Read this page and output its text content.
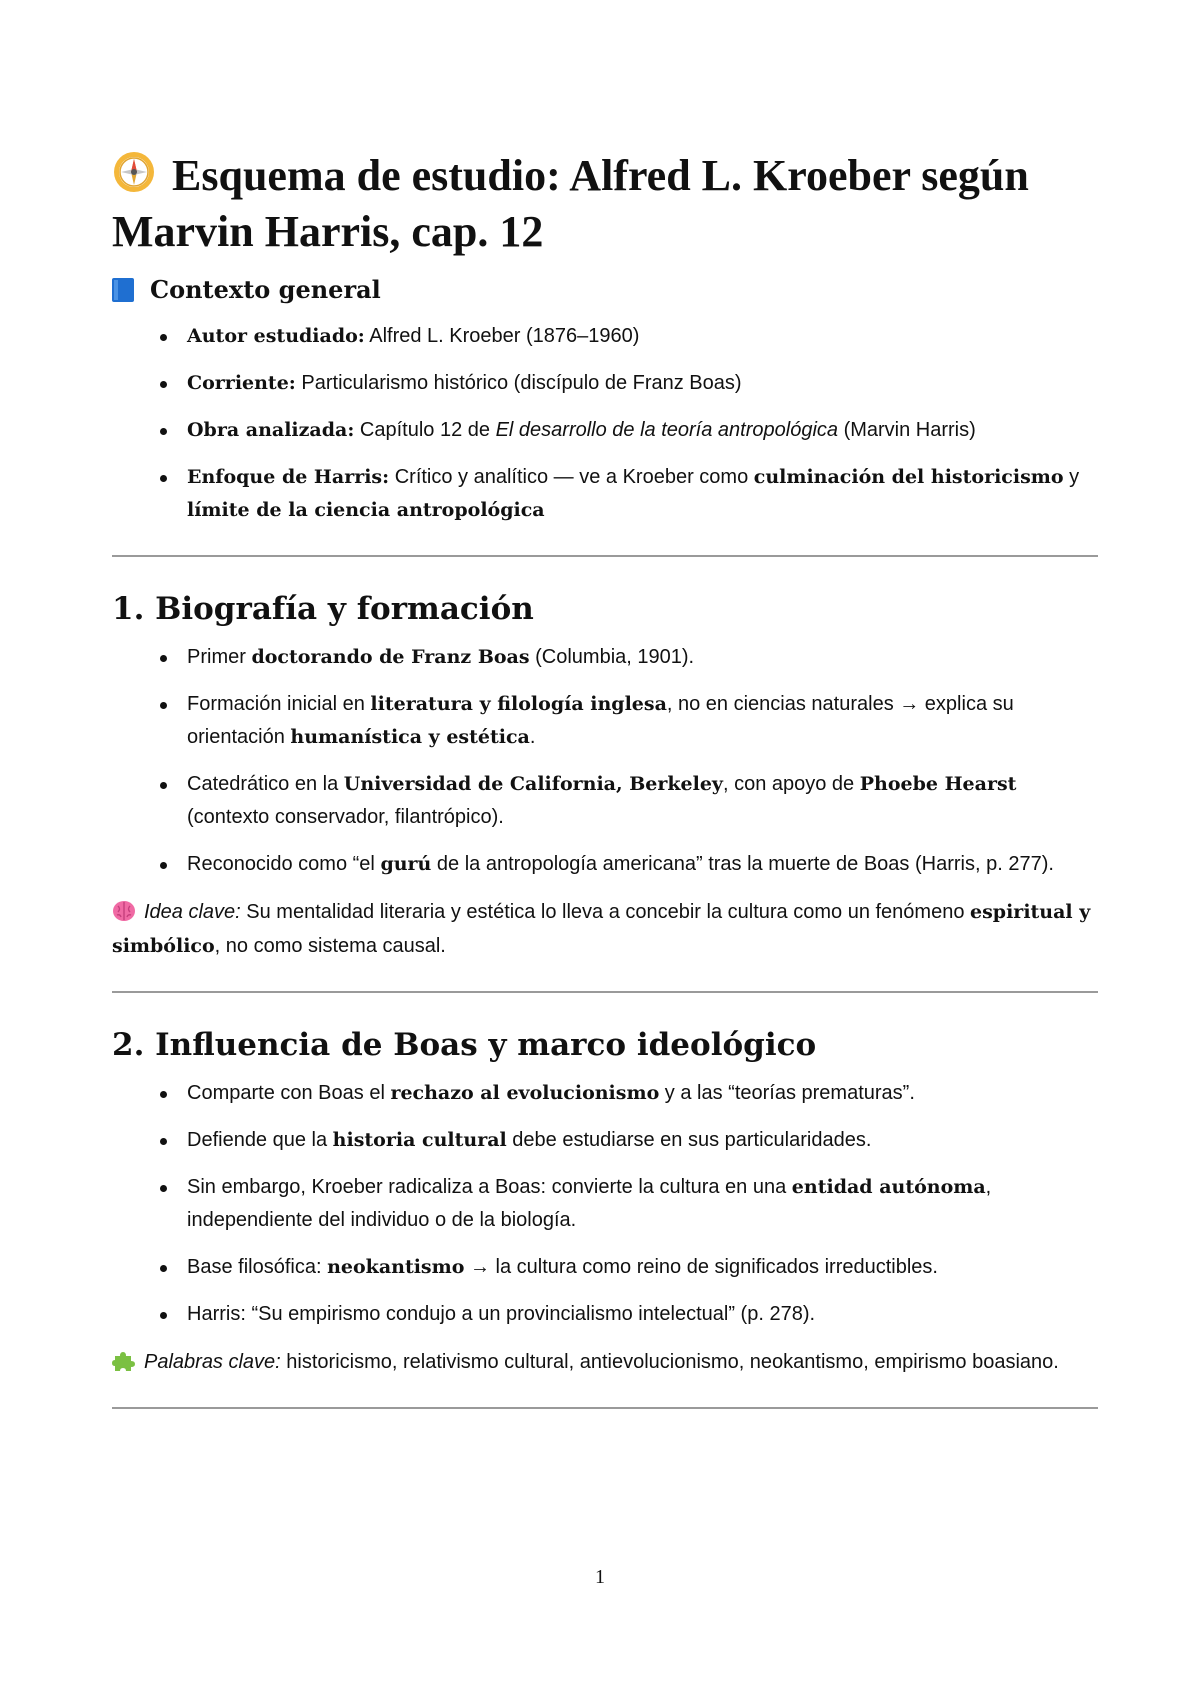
Esquema de estudio: Alfred L. Kroeber según Marvin Harris, cap. 12
Contexto general
Autor estudiado: Alfred L. Kroeber (1876–1960)
Corriente: Particularismo histórico (discípulo de Franz Boas)
Obra analizada: Capítulo 12 de El desarrollo de la teoría antropológica (Marvin Harris)
Enfoque de Harris: Crítico y analítico — ve a Kroeber como culminación del historicismo y límite de la ciencia antropológica
1. Biografía y formación
Primer doctorando de Franz Boas (Columbia, 1901).
Formación inicial en literatura y filología inglesa, no en ciencias naturales → explica su orientación humanística y estética.
Catedrático en la Universidad de California, Berkeley, con apoyo de Phoebe Hearst (contexto conservador, filantrópico).
Reconocido como “el gurú de la antropología americana” tras la muerte de Boas (Harris, p. 277).

Idea clave: Su mentalidad literaria y estética lo lleva a concebir la cultura como un fenómeno espiritual y simbólico, no como sistema causal.

2. Influencia de Boas y marco ideológico
Comparte con Boas el rechazo al evolucionismo y a las “teorías prematuras”.
Defiende que la historia cultural debe estudiarse en sus particularidades.
Sin embargo, Kroeber radicaliza a Boas: convierte la cultura en una entidad autónoma, independiente del individuo o de la biología.
Base filosófica: neokantismo → la cultura como reino de significados irreductibles.
Harris: “Su empirismo condujo a un provincialismo intelectual” (p. 278).

Palabras clave: historicismo, relativismo cultural, antievolucionismo, neokantismo, empirismo boasiano.

1
